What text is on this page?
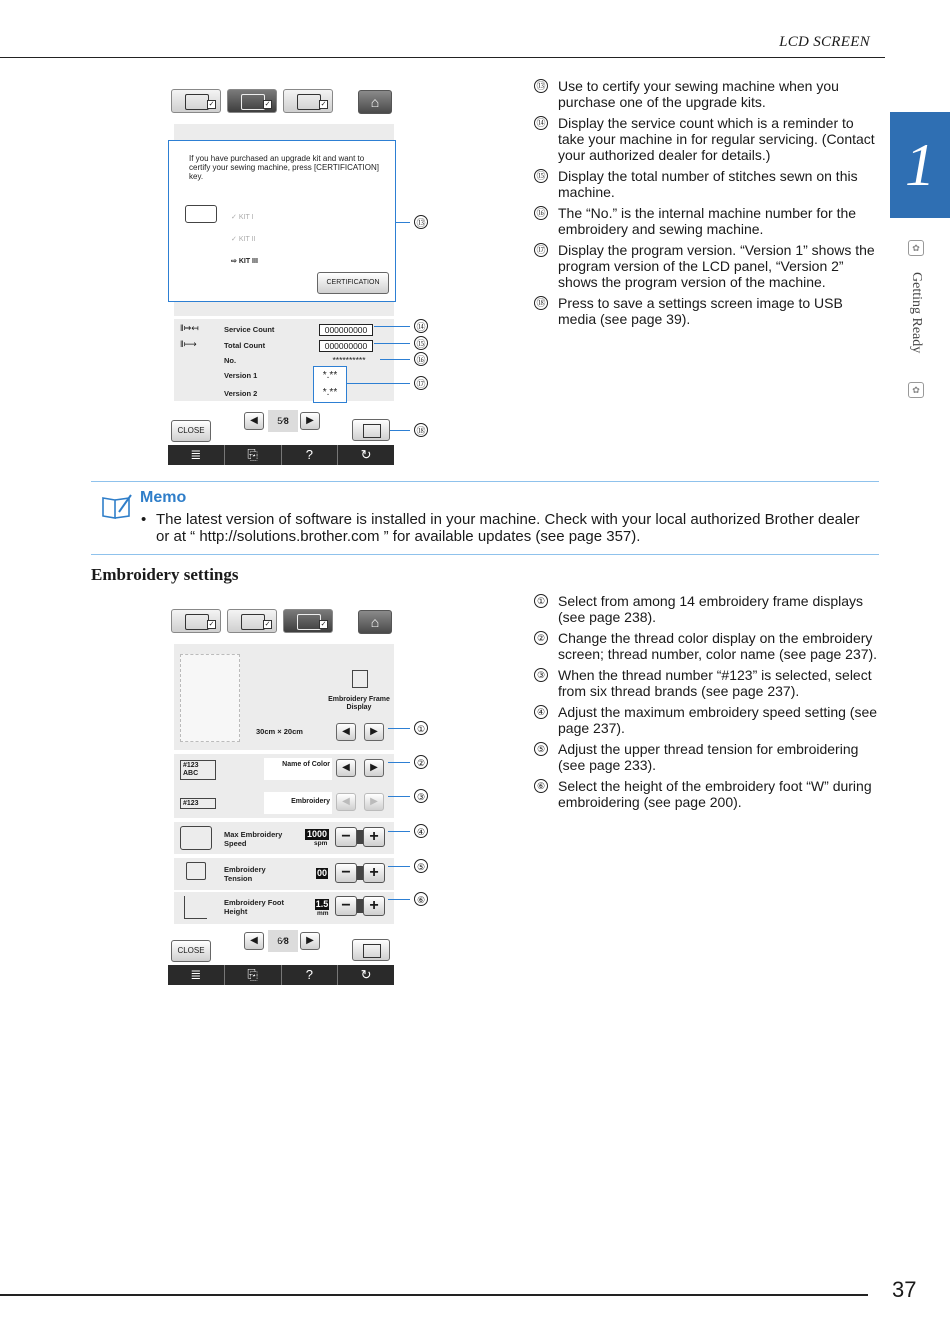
LCD SCREEN
1
✿
Getting Ready
✿
✓	✓	✓	⌂
If you have purchased an upgrade kit and want to certify your sewing machine, press [CERTIFICATION] key.
✓ KIT I
✓ KIT II
⇨ KIT III
CERTIFICATION
ǁ↦↤
ǁ⟼
Service Count
Total Count
No.
Version 1
Version 2
000000000
000000000
**********
*.**
*.**
CLOSE
◀	5⁄8	▶
≣	⎘	?	↻
⑬
⑭
⑮
⑯
⑰
⑱
⑬ Use to certify your sewing machine when you purchase one of the upgrade kits.
⑭ Display the service count which is a reminder to take your machine in for regular servicing. (Contact your authorized dealer for details.)
⑮ Display the total number of stitches sewn on this machine.
⑯ The “No.” is the internal machine number for the embroidery and sewing machine.
⑰ Display the program version. “Version 1” shows the program version of the LCD panel, “Version 2” shows the program version of the machine.
⑱ Press to save a settings screen image to USB media (see page 39).
Memo
• The latest version of software is installed in your machine. Check with your local authorized Brother dealer or at “ http://solutions.brother.com ” for available updates (see page 357).
Embroidery settings
✓	✓	✓	⌂
Embroidery Frame Display
30cm × 20cm	◀	▶
#123 ABC
Name of Color	◀	▶
#123	Embroidery	◀	▶
Max Embroidery Speed
1000
spm −	+
Embroidery Tension
00 −	+
Embroidery Foot Height
1.5
mm −	+
CLOSE
◀	6⁄8	▶
≣	⎘	?	↻
①
②
③
④
⑤
⑥
① Select from among 14 embroidery frame displays (see page 238).
② Change the thread color display on the embroidery screen; thread number, color name (see page 237).
③ When the thread number “#123” is selected, select from six thread brands (see page 237).
④ Adjust the maximum embroidery speed setting (see page 237).
⑤ Adjust the upper thread tension for embroidering (see page 233).
⑥ Select the height of the embroidery foot “W” during embroidering (see page 200).
37
